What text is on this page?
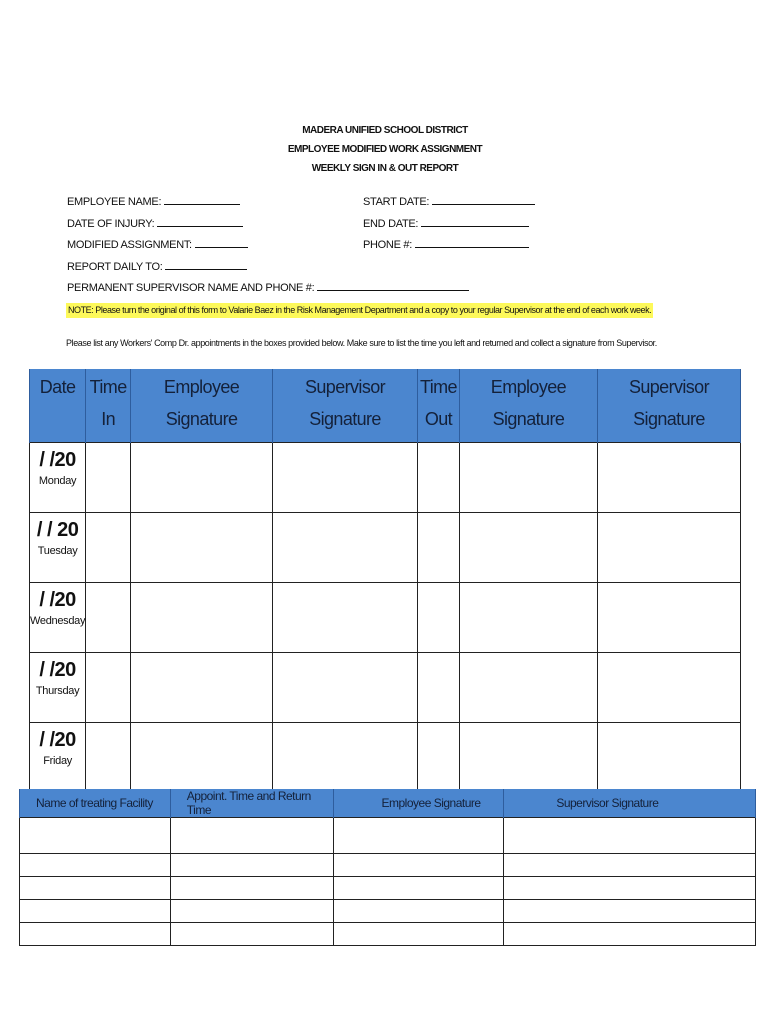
MADERA UNIFIED SCHOOL DISTRICT
EMPLOYEE MODIFIED WORK ASSIGNMENT
WEEKLY SIGN IN & OUT REPORT
EMPLOYEE NAME:
DATE OF INJURY:
MODIFIED ASSIGNMENT:
REPORT DAILY TO:
PERMANENT SUPERVISOR NAME AND PHONE #:
START DATE:
END DATE:
PHONE #:
NOTE: Please turn the original of this form to Valarie Baez in the Risk Management Department and a copy to your regular Supervisor at the end of each work week.
Please list any Workers' Comp Dr. appointments in the boxes provided below. Make sure to list the time you left and returned and collect a signature from Supervisor.
Date	Time In	Employee Signature	Supervisor Signature	Time Out	Employee Signature	Supervisor Signature

/ /20
Monday						

/ / 20
Tuesday						

/ /20
Wednesday						

/ /20
Thursday						

/ /20
Friday						

Name of treating Facility	Appoint. Time and Return Time	Employee Signature	Supervisor Signature
